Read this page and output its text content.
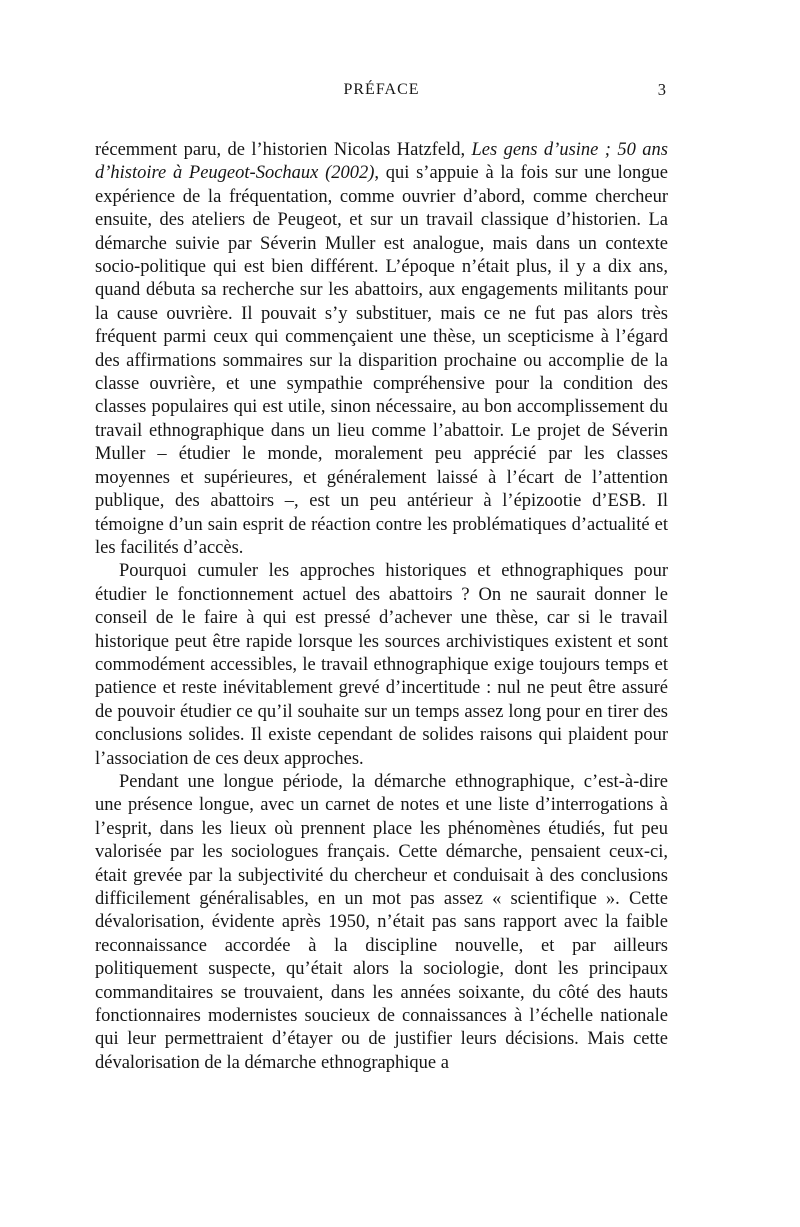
PRÉFACE	3

récemment paru, de l’historien Nicolas Hatzfeld, Les gens d’usine ; 50 ans d’histoire à Peugeot-Sochaux (2002), qui s’appuie à la fois sur une longue expérience de la fréquentation, comme ouvrier d’abord, comme chercheur ensuite, des ateliers de Peugeot, et sur un travail classique d’historien. La démarche suivie par Séverin Muller est analogue, mais dans un contexte socio-politique qui est bien différent. L’époque n’était plus, il y a dix ans, quand débuta sa recherche sur les abattoirs, aux engagements militants pour la cause ouvrière. Il pouvait s’y substituer, mais ce ne fut pas alors très fréquent parmi ceux qui commençaient une thèse, un scepticisme à l’égard des affirmations sommaires sur la disparition prochaine ou accomplie de la classe ouvrière, et une sympathie compréhensive pour la condition des classes populaires qui est utile, sinon nécessaire, au bon accomplissement du travail ethnographique dans un lieu comme l’abattoir. Le projet de Séverin Muller – étudier le monde, moralement peu apprécié par les classes moyennes et supérieures, et généralement laissé à l’écart de l’attention publique, des abattoirs –, est un peu antérieur à l’épizootie d’ESB. Il témoigne d’un sain esprit de réaction contre les problématiques d’actualité et les facilités d’accès.

Pourquoi cumuler les approches historiques et ethnographiques pour étudier le fonctionnement actuel des abattoirs ? On ne saurait donner le conseil de le faire à qui est pressé d’achever une thèse, car si le travail historique peut être rapide lorsque les sources archivistiques existent et sont commodément accessibles, le travail ethnographique exige toujours temps et patience et reste inévitablement grevé d’incertitude : nul ne peut être assuré de pouvoir étudier ce qu’il souhaite sur un temps assez long pour en tirer des conclusions solides. Il existe cependant de solides raisons qui plaident pour l’association de ces deux approches.

Pendant une longue période, la démarche ethnographique, c’est-à-dire une présence longue, avec un carnet de notes et une liste d’interrogations à l’esprit, dans les lieux où prennent place les phénomènes étudiés, fut peu valorisée par les sociologues français. Cette démarche, pensaient ceux-ci, était grevée par la subjectivité du chercheur et conduisait à des conclusions difficilement généralisables, en un mot pas assez « scientifique ». Cette dévalorisation, évidente après 1950, n’était pas sans rapport avec la faible reconnaissance accordée à la discipline nouvelle, et par ailleurs politiquement suspecte, qu’était alors la sociologie, dont les principaux commanditaires se trouvaient, dans les années soixante, du côté des hauts fonctionnaires modernistes soucieux de connaissances à l’échelle nationale qui leur permettraient d’étayer ou de justifier leurs décisions. Mais cette dévalorisation de la démarche ethnographique a
